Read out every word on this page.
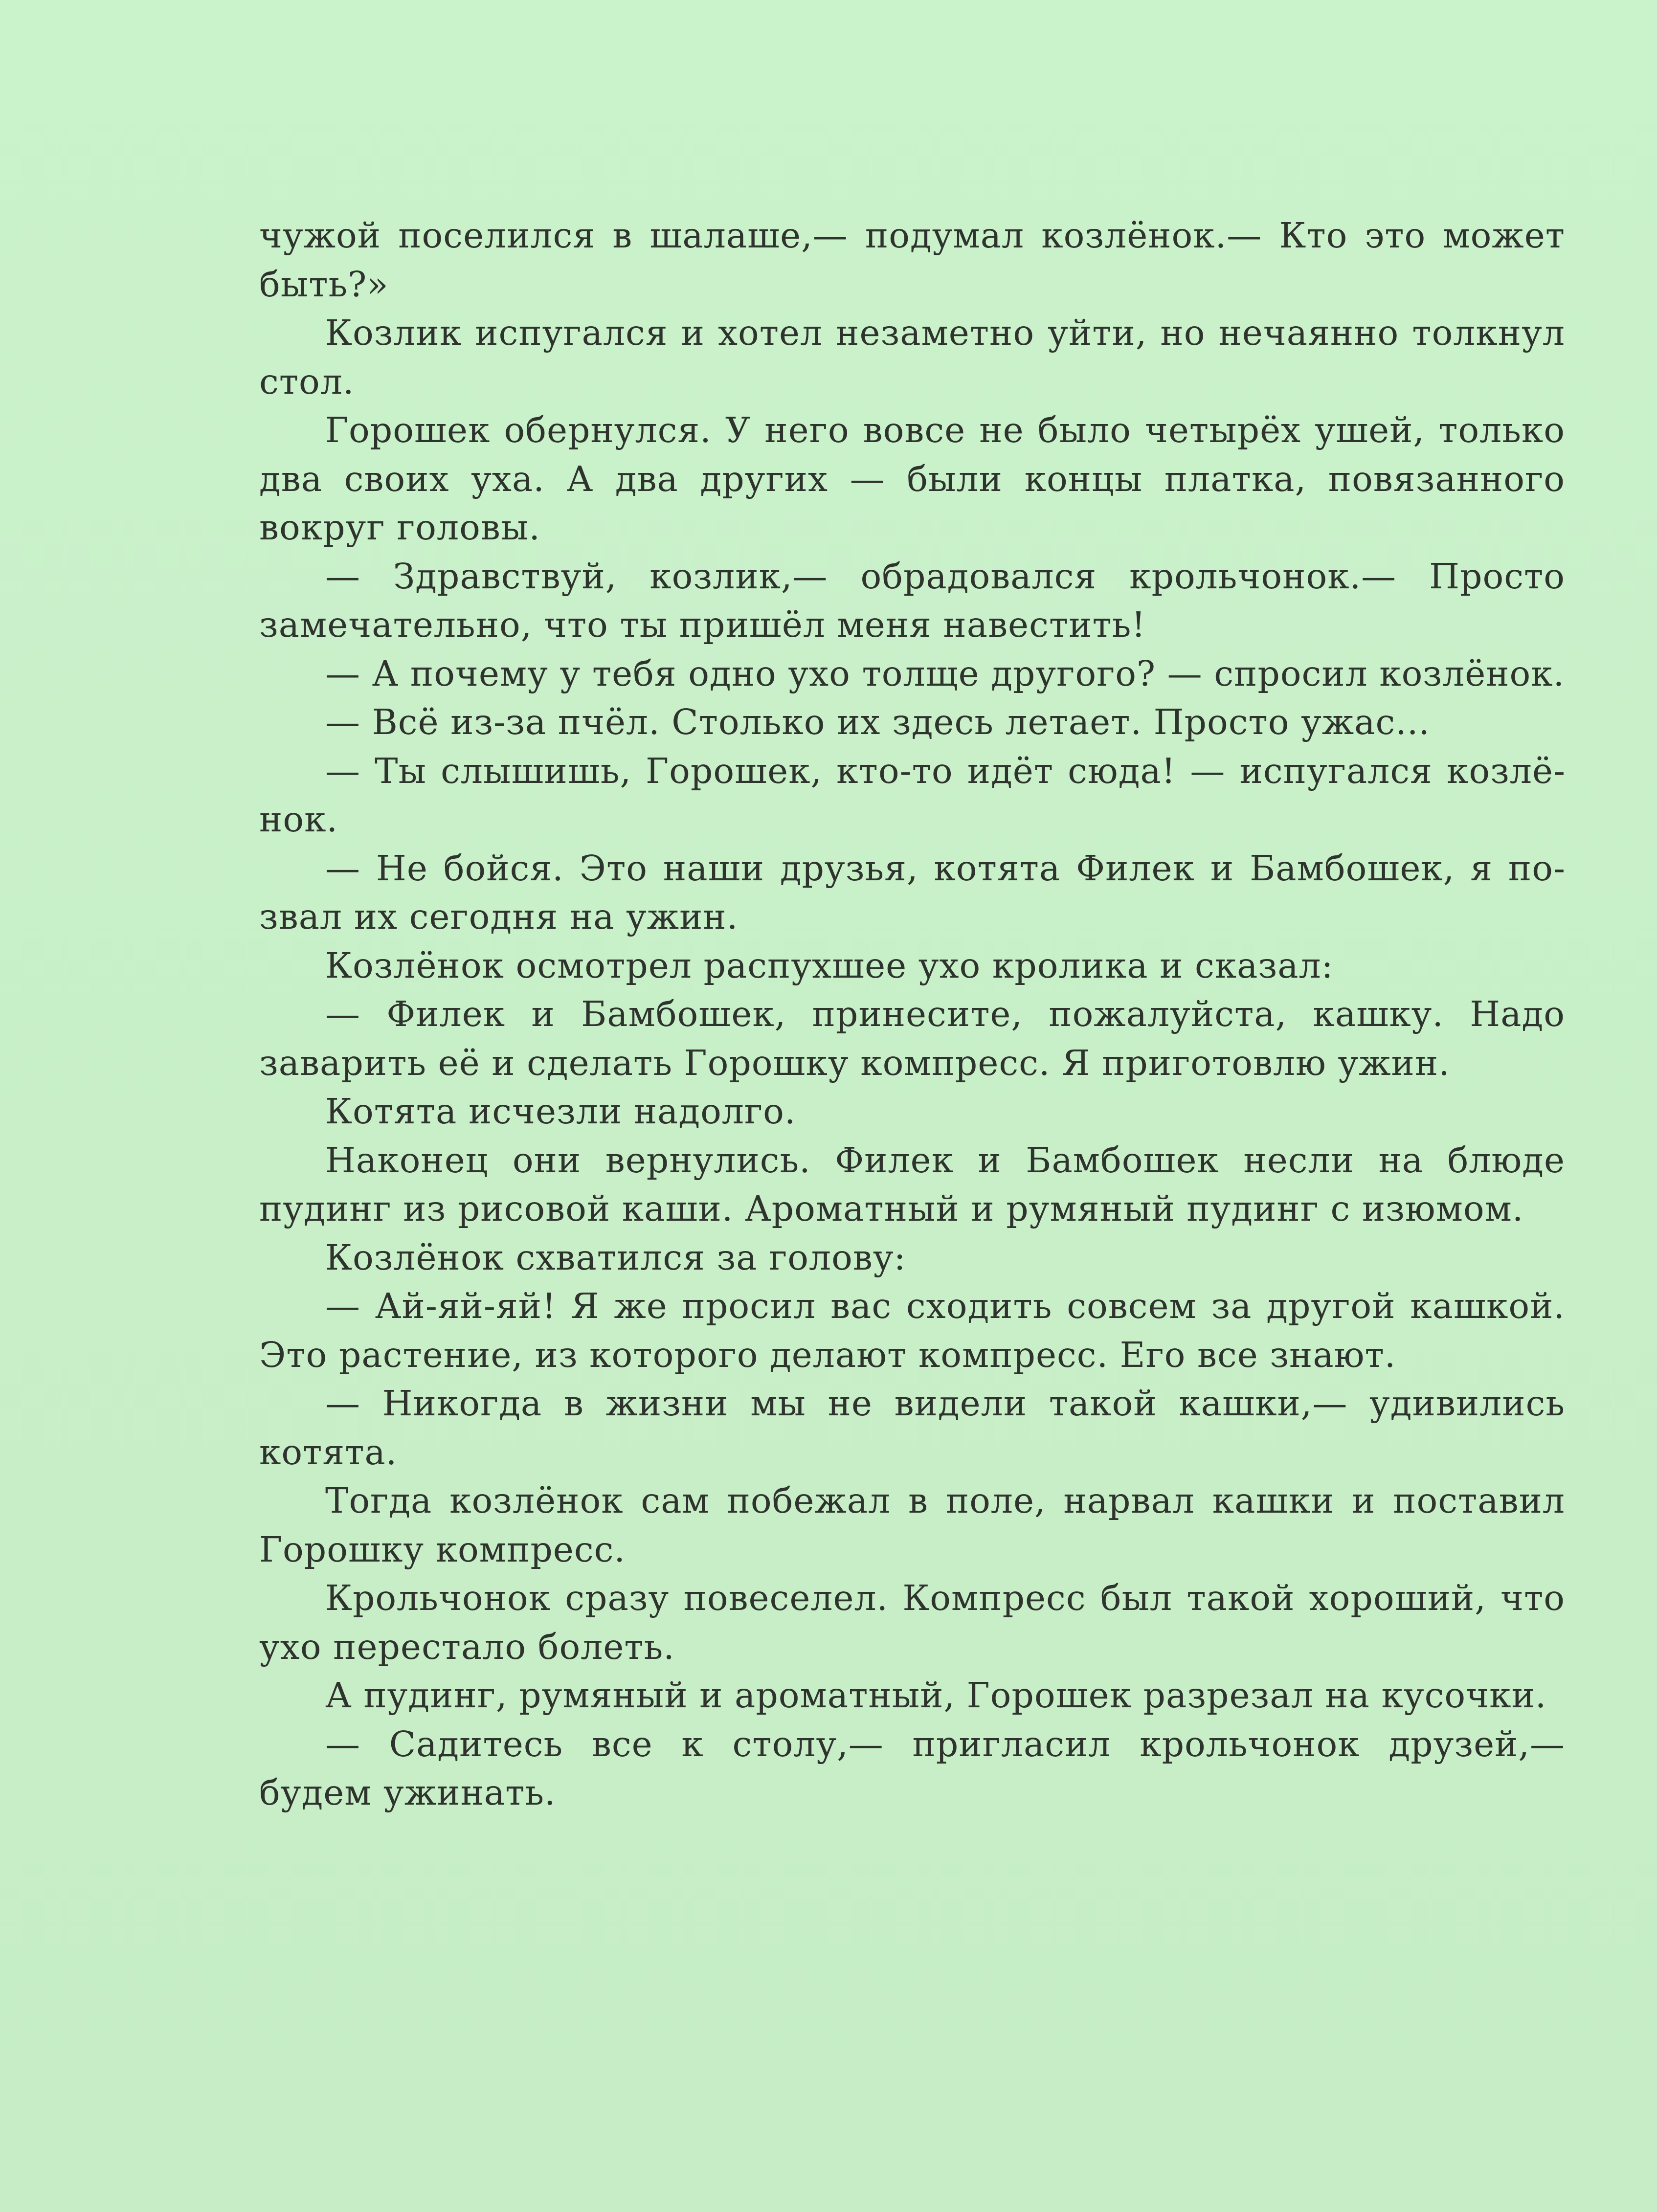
чужой поселился в шалаше,— подумал козлёнок.— Кто это может быть?»

Козлик испугался и хотел незаметно уйти, но нечаянно толкнул стол.

Горошек обернулся. У него вовсе не было четырёх ушей, только два своих уха. А два других — были концы платка, повязанного вокруг головы.

— Здравствуй, козлик,— обрадовался крольчонок.— Просто замечательно, что ты пришёл меня навестить!

— А почему у тебя одно ухо толще другого? — спросил козлёнок.

— Всё из-за пчёл. Столько их здесь летает. Просто ужас...

— Ты слышишь, Горошек, кто-то идёт сюда! — испугался козлёнок.

— Не бойся. Это наши друзья, котята Филек и Бамбошек, я позвал их сегодня на ужин.

Козлёнок осмотрел распухшее ухо кролика и сказал:

— Филек и Бамбошек, принесите, пожалуйста, кашку. Надо заварить её и сделать Горошку компресс. Я приготовлю ужин.

Котята исчезли надолго.

Наконец они вернулись. Филек и Бамбошек несли на блюде пудинг из рисовой каши. Ароматный и румяный пудинг с изюмом.

Козлёнок схватился за голову:

— Ай-яй-яй! Я же просил вас сходить совсем за другой кашкой. Это растение, из которого делают компресс. Его все знают.

— Никогда в жизни мы не видели такой кашки,— удивились котята.

Тогда козлёнок сам побежал в поле, нарвал кашки и поставил Горошку компресс.

Крольчонок сразу повеселел. Компресс был такой хороший, что ухо перестало болеть.

А пудинг, румяный и ароматный, Горошек разрезал на кусочки.

— Садитесь все к столу,— пригласил крольчонок друзей,— будем ужинать.
